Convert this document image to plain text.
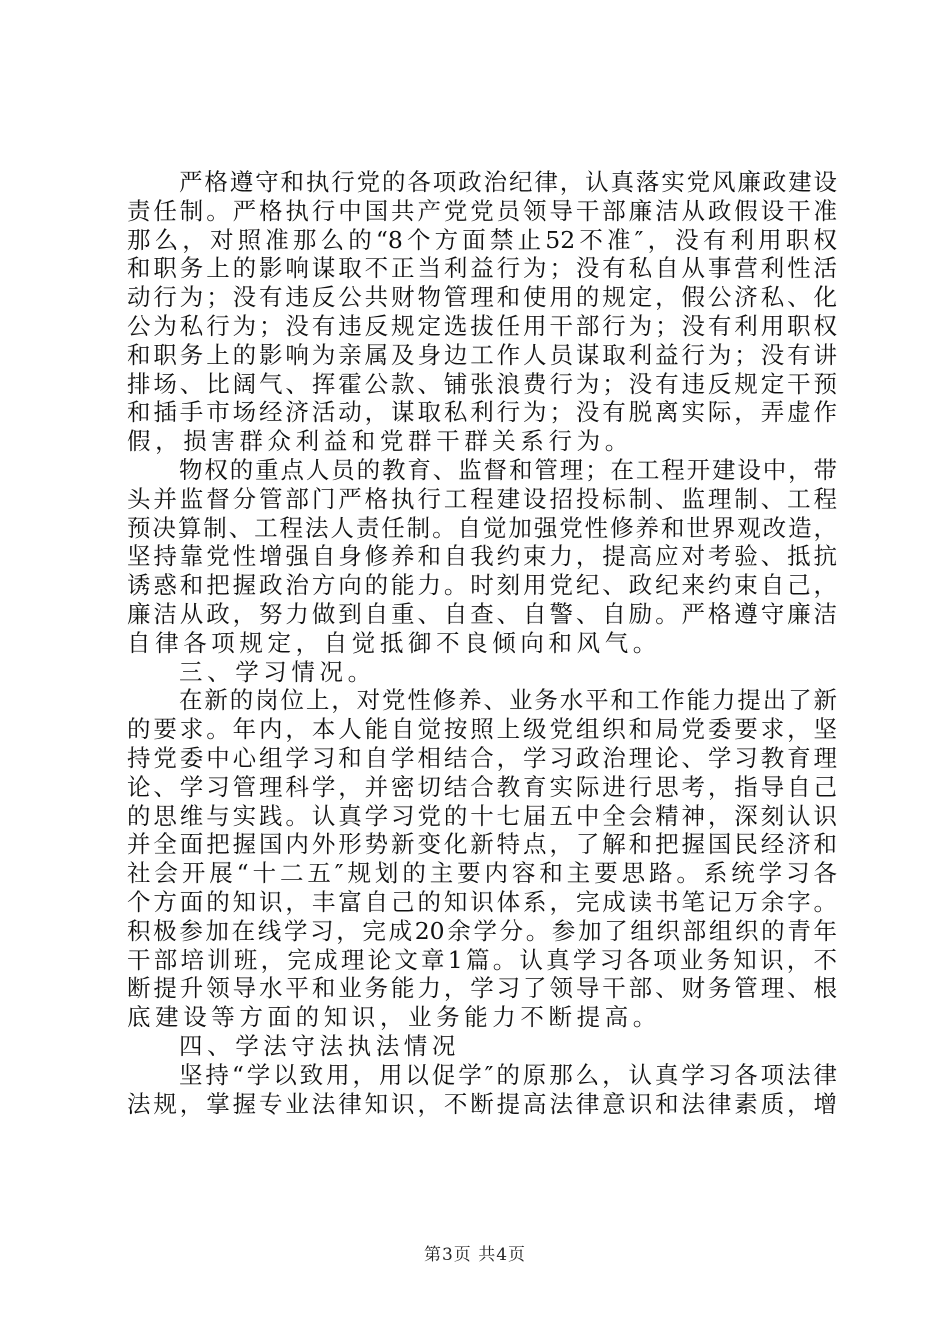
严格遵守和执行党的各项政治纪律，认真落实党风廉政建设
责任制。严格执行中国共产党党员领导干部廉洁从政假设干准
那么，对照准那么的“8个方面禁止52不准″，没有利用职权
和职务上的影响谋取不正当利益行为；没有私自从事营利性活
动行为；没有违反公共财物管理和使用的规定，假公济私、化
公为私行为；没有违反规定选拔任用干部行为；没有利用职权
和职务上的影响为亲属及身边工作人员谋取利益行为；没有讲
排场、比阔气、挥霍公款、铺张浪费行为；没有违反规定干预
和插手市场经济活动，谋取私利行为；没有脱离实际，弄虚作
假，损害群众利益和党群干群关系行为。
物权的重点人员的教育、监督和管理；在工程开建设中，带
头并监督分管部门严格执行工程建设招投标制、监理制、工程
预决算制、工程法人责任制。自觉加强党性修养和世界观改造，
坚持靠党性增强自身修养和自我约束力，提高应对考验、抵抗
诱惑和把握政治方向的能力。时刻用党纪、政纪来约束自己，
廉洁从政，努力做到自重、自查、自警、自励。严格遵守廉洁
自律各项规定，自觉抵御不良倾向和风气。
三、学习情况。
在新的岗位上，对党性修养、业务水平和工作能力提出了新
的要求。年内，本人能自觉按照上级党组织和局党委要求，坚
持党委中心组学习和自学相结合，学习政治理论、学习教育理
论、学习管理科学，并密切结合教育实际进行思考，指导自己
的思维与实践。认真学习党的十七届五中全会精神，深刻认识
并全面把握国内外形势新变化新特点，了解和把握国民经济和
社会开展“十二五″规划的主要内容和主要思路。系统学习各
个方面的知识，丰富自己的知识体系，完成读书笔记万余字。
积极参加在线学习，完成20余学分。参加了组织部组织的青年
干部培训班，完成理论文章1篇。认真学习各项业务知识，不
断提升领导水平和业务能力，学习了领导干部、财务管理、根
底建设等方面的知识，业务能力不断提高。
四、学法守法执法情况
坚持“学以致用，用以促学″的原那么，认真学习各项法律
法规，掌握专业法律知识，不断提高法律意识和法律素质，增
第3页 共4页
